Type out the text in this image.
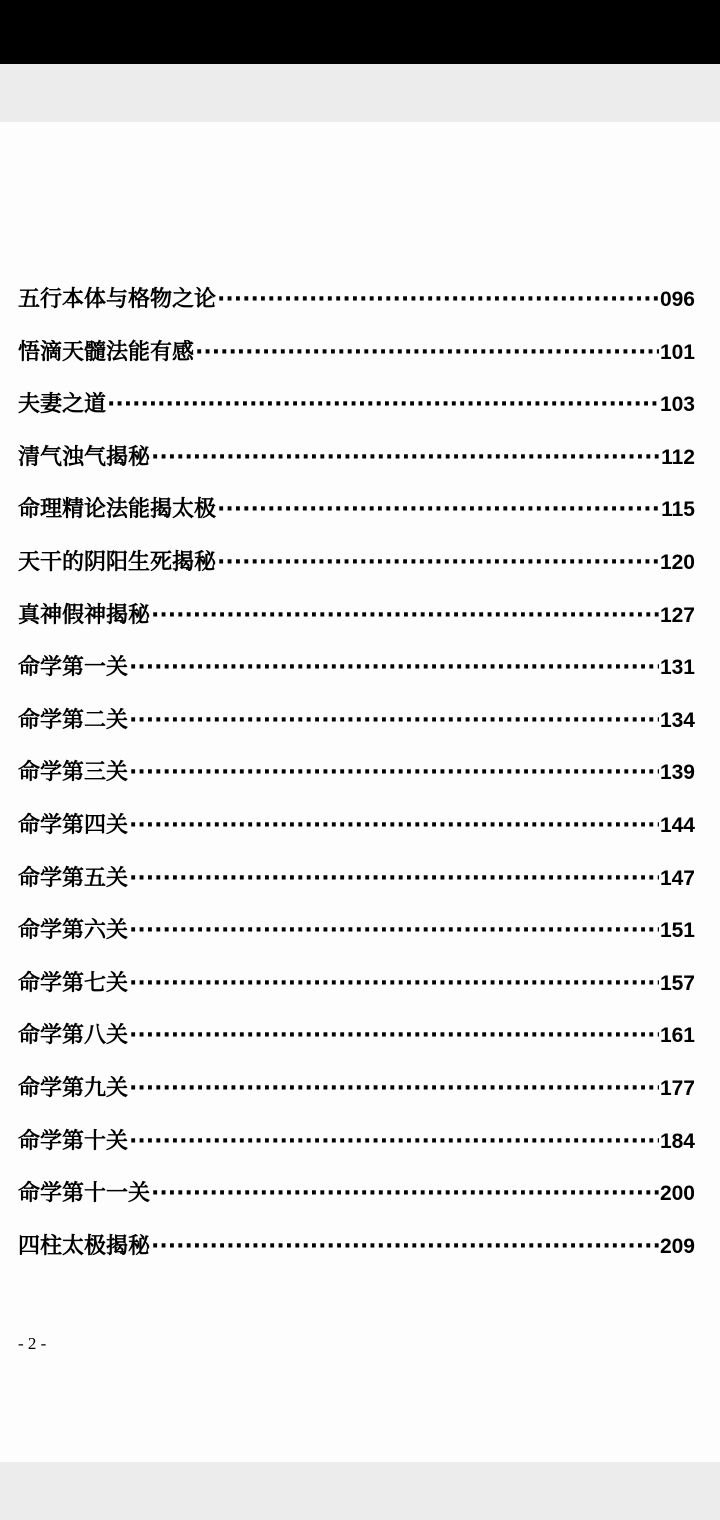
五行本体与格物之论 ·····	096
悟滴天髓法能有感 ·····	101
夫妻之道 ·····	103
清气浊气揭秘 ·····	112
命理精论法能揭太极 ·····	115
天干的阴阳生死揭秘 ·····	120
真神假神揭秘 ·····	127
命学第一关 ·····	131
命学第二关 ·····	134
命学第三关 ·····	139
命学第四关 ·····	144
命学第五关 ·····	147
命学第六关 ·····	151
命学第七关 ·····	157
命学第八关 ·····	161
命学第九关 ·····	177
命学第十关 ·····	184
命学第十一关 ·····	200
四柱太极揭秘 ·····	209
- 2 -
